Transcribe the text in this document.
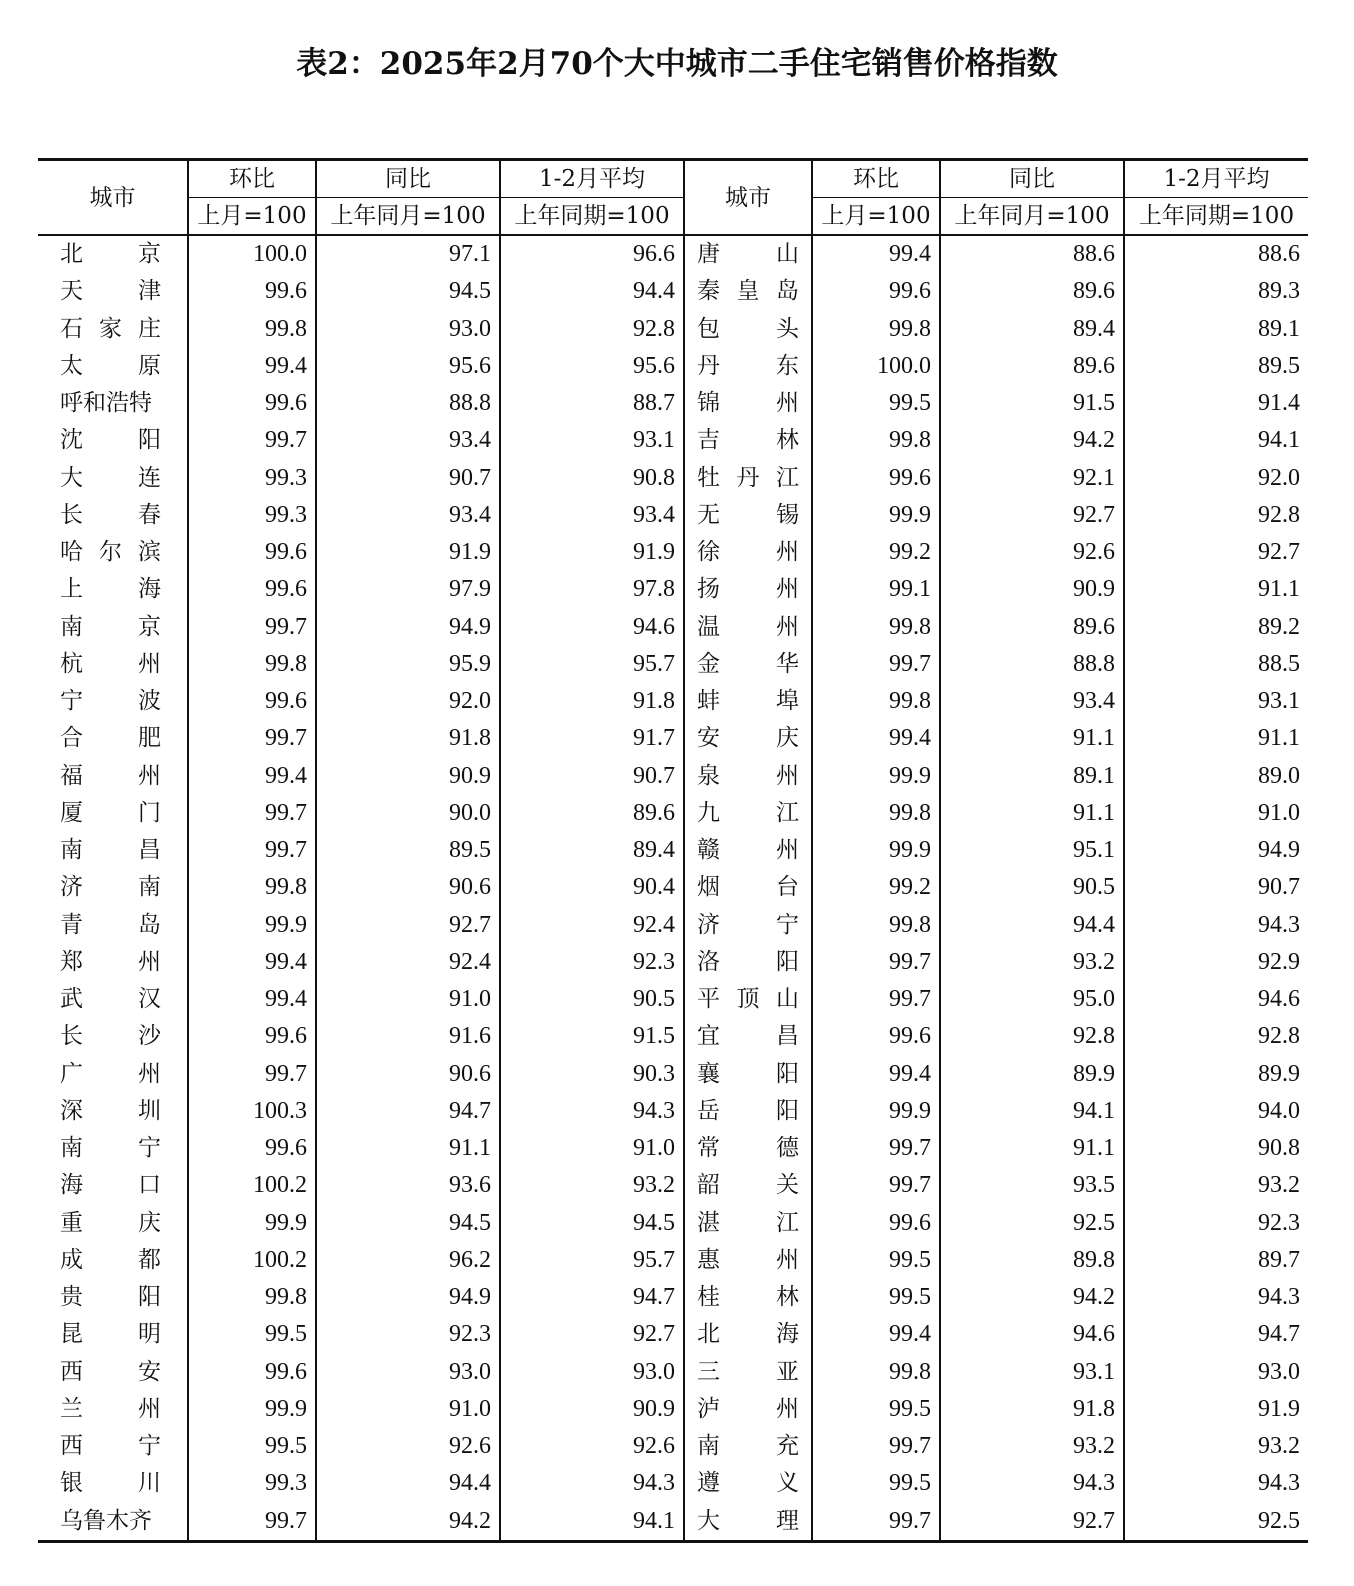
表2：2025年2月70个大中城市二手住宅销售价格指数
城市	环比	同比	1-2月平均	城市	环比	同比	1-2月平均
	上月=100	上年同月=100	上年同期=100		上月=100	上年同月=100	上年同期=100

北 京	100.0	97.1	96.6	唐 山	99.4	88.6	88.6

天 津	99.6	94.5	94.4	秦 皇 岛	99.6	89.6	89.3

石 家 庄	99.8	93.0	92.8	包 头	99.8	89.4	89.1

太 原	99.4	95.6	95.6	丹 东	100.0	89.6	89.5

呼和浩特	99.6	88.8	88.7	锦 州	99.5	91.5	91.4

沈 阳	99.7	93.4	93.1	吉 林	99.8	94.2	94.1

大 连	99.3	90.7	90.8	牡 丹 江	99.6	92.1	92.0

长 春	99.3	93.4	93.4	无 锡	99.9	92.7	92.8

哈 尔 滨	99.6	91.9	91.9	徐 州	99.2	92.6	92.7

上 海	99.6	97.9	97.8	扬 州	99.1	90.9	91.1

南 京	99.7	94.9	94.6	温 州	99.8	89.6	89.2

杭 州	99.8	95.9	95.7	金 华	99.7	88.8	88.5

宁 波	99.6	92.0	91.8	蚌 埠	99.8	93.4	93.1

合 肥	99.7	91.8	91.7	安 庆	99.4	91.1	91.1

福 州	99.4	90.9	90.7	泉 州	99.9	89.1	89.0

厦 门	99.7	90.0	89.6	九 江	99.8	91.1	91.0

南 昌	99.7	89.5	89.4	赣 州	99.9	95.1	94.9

济 南	99.8	90.6	90.4	烟 台	99.2	90.5	90.7

青 岛	99.9	92.7	92.4	济 宁	99.8	94.4	94.3

郑 州	99.4	92.4	92.3	洛 阳	99.7	93.2	92.9

武 汉	99.4	91.0	90.5	平 顶 山	99.7	95.0	94.6

长 沙	99.6	91.6	91.5	宜 昌	99.6	92.8	92.8

广 州	99.7	90.6	90.3	襄 阳	99.4	89.9	89.9

深 圳	100.3	94.7	94.3	岳 阳	99.9	94.1	94.0

南 宁	99.6	91.1	91.0	常 德	99.7	91.1	90.8

海 口	100.2	93.6	93.2	韶 关	99.7	93.5	93.2

重 庆	99.9	94.5	94.5	湛 江	99.6	92.5	92.3

成 都	100.2	96.2	95.7	惠 州	99.5	89.8	89.7

贵 阳	99.8	94.9	94.7	桂 林	99.5	94.2	94.3

昆 明	99.5	92.3	92.7	北 海	99.4	94.6	94.7

西 安	99.6	93.0	93.0	三 亚	99.8	93.1	93.0

兰 州	99.9	91.0	90.9	泸 州	99.5	91.8	91.9

西 宁	99.5	92.6	92.6	南 充	99.7	93.2	93.2

银 川	99.3	94.4	94.3	遵 义	99.5	94.3	94.3

乌鲁木齐	99.7	94.2	94.1	大 理	99.7	92.7	92.5
